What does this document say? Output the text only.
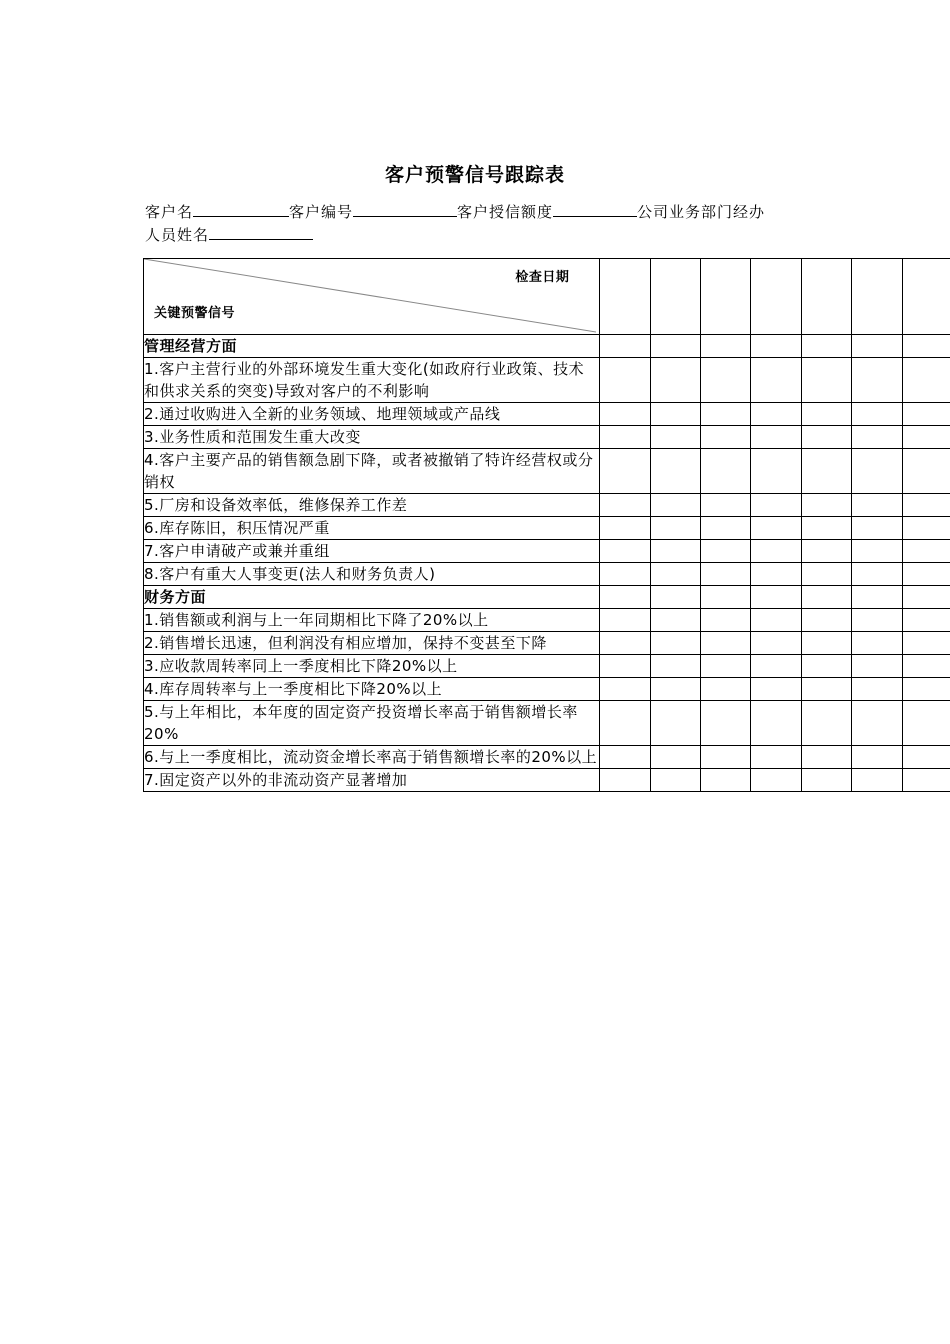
客户预警信号跟踪表
客户名	客户编号	客户授信额度	公司业务部门经办
人员姓名
检查日期
关键预警信号							

管理经营方面							
1.客户主营行业的外部环境发生重大变化(如政府行业政策、技术和供求关系的突变)导致对客户的不利影响							
2.通过收购进入全新的业务领域、地理领域或产品线							
3.业务性质和范围发生重大改变							
4.客户主要产品的销售额急剧下降，或者被撤销了特许经营权或分销权							
5.厂房和设备效率低，维修保养工作差							
6.库存陈旧，积压情况严重							
7.客户申请破产或兼并重组							
8.客户有重大人事变更(法人和财务负责人)							
财务方面							
1.销售额或利润与上一年同期相比下降了20%以上							
2.销售增长迅速，但利润没有相应增加，保持不变甚至下降							
3.应收款周转率同上一季度相比下降20%以上							
4.库存周转率与上一季度相比下降20%以上							
5.与上年相比，本年度的固定资产投资增长率高于销售额增长率20%							
6.与上一季度相比，流动资金增长率高于销售额增长率的20%以上							
7.固定资产以外的非流动资产显著增加							
